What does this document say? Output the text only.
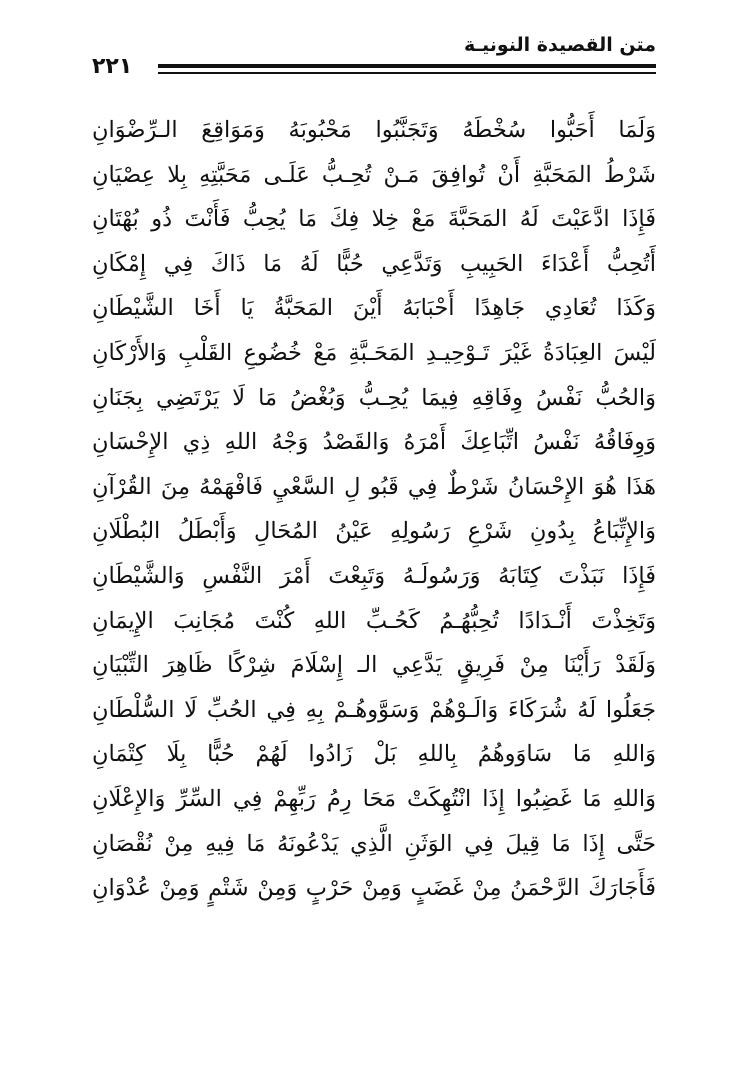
متن القصيدة النونيـة
٢٢١
وَلَمَا أَحَبُّوا سُخْطَهُ وَتَجَنَّبُوا مَحْبُوبَهُ وَمَوَاقِعَ الـرِّضْوَانِ
شَرْطُ المَحَبَّةِ أَنْ تُوافِقَ مَـنْ تُحِـبُّ عَلَـى مَحَبَّتِهِ بِلا عِصْيَانِ
فَإِذَا ادَّعَيْتَ لَهُ المَحَبَّةَ مَعْ خِلا فِكَ مَا يُحِبُّ فَأَنْتَ ذُو بُهْتَانِ
أَتُحِبُّ أَعْدَاءَ الحَبِيبِ وَتَدَّعِي حُبًّا لَهُ مَا ذَاكَ فِي إِمْكَانِ
وَكَذَا تُعَادِي جَاهِدًا أَحْبَابَهُ أَيْنَ المَحَبَّةُ يَا أَخَا الشَّيْطَانِ
لَيْسَ العِبَادَةُ غَيْرَ تَـوْحِيـدِ المَحَـبَّةِ مَعْ خُضُوعِ القَلْبِ وَالأَرْكَانِ
وَالحُبُّ نَفْسُ وِفَاقِهِ فِيمَا يُحِـبُّ وَبُغْضُ مَا لَا يَرْتَضِي بِجَنَانِ
وَوِفَاقُهُ نَفْسُ اتِّبَاعِكَ أَمْرَهُ وَالقَصْدُ وَجْهُ اللهِ ذِي الإِحْسَانِ
هَذَا هُوَ الإِحْسَانُ شَرْطٌ فِي قَبُو لِ السَّعْيِ فَافْهَمْهُ مِنَ القُرْآنِ
وَالإِتِّبَاعُ بِدُونِ شَرْعِ رَسُولِهِ عَيْنُ المُحَالِ وَأَبْطَلُ البُطْلَانِ
فَإِذَا نَبَذْتَ كِتَابَهُ وَرَسُولَـهُ وَتَبِعْتَ أَمْرَ النَّفْسِ وَالشَّيْطَانِ
وَتَخِذْتَ أَنْـدَادًا تُحِبُّهُـمُ كَحُـبِّ اللهِ كُنْتَ مُجَانِبَ الإِيمَانِ
وَلَقَدْ رَأَيْنَا مِنْ فَرِيقٍ يَدَّعِي الـ إِسْلَامَ شِرْكًا ظَاهِرَ التِّبْيَانِ
جَعَلُوا لَهُ شُرَكَاءَ وَالَـوْهُمْ وَسَوَّوهُـمْ بِهِ فِي الحُبِّ لَا السُّلْطَانِ
وَاللهِ مَا سَاوَوهُمُ بِاللهِ بَلْ زَادُوا لَهُمْ حُبًّا بِلَا كِتْمَانِ
وَاللهِ مَا غَضِبُوا إِذَا انْتُهِكَتْ مَحَا رِمُ رَبِّهِمْ فِي السِّرِّ وَالإِعْلَانِ
حَتَّى إِذَا مَا قِيلَ فِي الوَثَنِ الَّذِي يَدْعُونَهُ مَا فِيهِ مِنْ نُقْصَانِ
فَأَجَارَكَ الرَّحْمَنُ مِنْ غَضَبٍ وَمِنْ حَرْبٍ وَمِنْ شَتْمٍ وَمِنْ عُدْوَانِ
